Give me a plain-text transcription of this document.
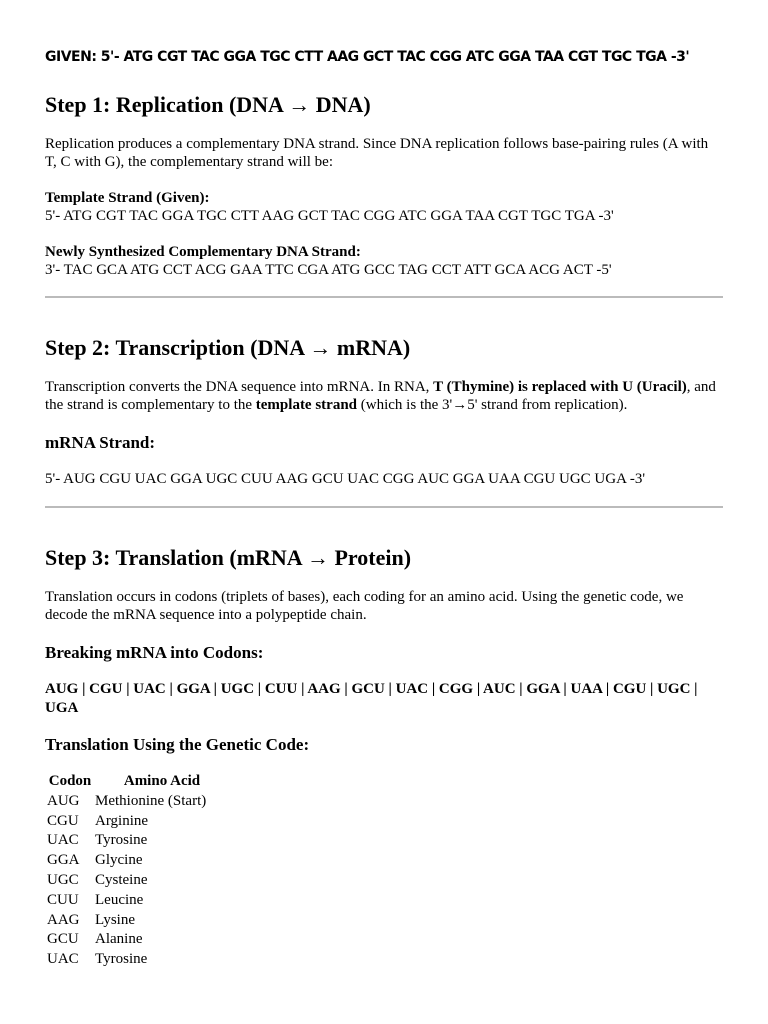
GIVEN: 5'- ATG CGT TAC GGA TGC CTT AAG GCT TAC CGG ATC GGA TAA CGT TGC TGA -3'
Step 1: Replication (DNA → DNA)
Replication produces a complementary DNA strand. Since DNA replication follows base-pairing rules (A with T, C with G), the complementary strand will be:
Template Strand (Given):
5'- ATG CGT TAC GGA TGC CTT AAG GCT TAC CGG ATC GGA TAA CGT TGC TGA -3'
Newly Synthesized Complementary DNA Strand:
3'- TAC GCA ATG CCT ACG GAA TTC CGA ATG GCC TAG CCT ATT GCA ACG ACT -5'
Step 2: Transcription (DNA → mRNA)
Transcription converts the DNA sequence into mRNA. In RNA, T (Thymine) is replaced with U (Uracil), and the strand is complementary to the template strand (which is the 3'→5' strand from replication).
mRNA Strand:
5'- AUG CGU UAC GGA UGC CUU AAG GCU UAC CGG AUC GGA UAA CGU UGC UGA -3'
Step 3: Translation (mRNA → Protein)
Translation occurs in codons (triplets of bases), each coding for an amino acid. Using the genetic code, we decode the mRNA sequence into a polypeptide chain.
Breaking mRNA into Codons:
AUG | CGU | UAC | GGA | UGC | CUU | AAG | GCU | UAC | CGG | AUC | GGA | UAA | CGU | UGC | UGA
Translation Using the Genetic Code:
Codon	Amino Acid
AUG	Methionine (Start)
CGU	Arginine
UAC	Tyrosine
GGA	Glycine
UGC	Cysteine
CUU	Leucine
AAG	Lysine
GCU	Alanine
UAC	Tyrosine
